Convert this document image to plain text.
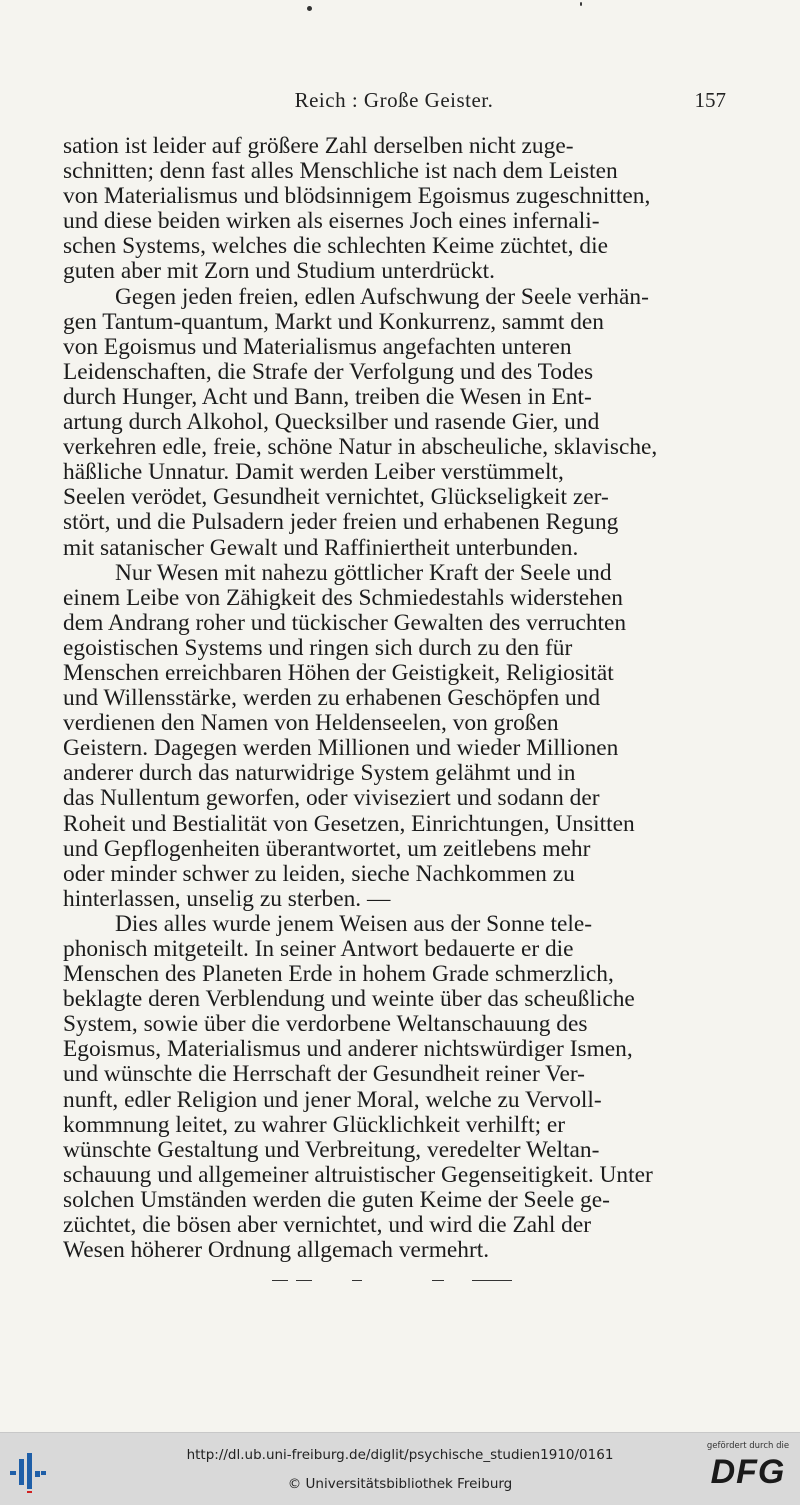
Reich : Große Geister.	157

sation ist leider auf größere Zahl derselben nicht zuge-
schnitten; denn fast alles Menschliche ist nach dem Leisten
von Materialismus und blödsinnigem Egoismus zugeschnitten,
und diese beiden wirken als eisernes Joch eines infernali-
schen Systems, welches die schlechten Keime züchtet, die
guten aber mit Zorn und Studium unterdrückt.

Gegen jeden freien, edlen Aufschwung der Seele verhän-
gen Tantum-quantum, Markt und Konkurrenz, sammt den
von Egoismus und Materialismus angefachten unteren
Leidenschaften, die Strafe der Verfolgung und des Todes
durch Hunger, Acht und Bann, treiben die Wesen in Ent-
artung durch Alkohol, Quecksilber und rasende Gier, und
verkehren edle, freie, schöne Natur in abscheuliche, sklavische,
häßliche Unnatur. Damit werden Leiber verstümmelt,
Seelen verödet, Gesundheit vernichtet, Glückseligkeit zer-
stört, und die Pulsadern jeder freien und erhabenen Regung
mit satanischer Gewalt und Raffiniertheit unterbunden.

Nur Wesen mit nahezu göttlicher Kraft der Seele und
einem Leibe von Zähigkeit des Schmiedestahls widerstehen
dem Andrang roher und tückischer Gewalten des verruchten
egoistischen Systems und ringen sich durch zu den für
Menschen erreichbaren Höhen der Geistigkeit, Religiosität
und Willensstärke, werden zu erhabenen Geschöpfen und
verdienen den Namen von Heldenseelen, von großen
Geistern. Dagegen werden Millionen und wieder Millionen
anderer durch das naturwidrige System gelähmt und in
das Nullentum geworfen, oder viviseziert und sodann der
Roheit und Bestialität von Gesetzen, Einrichtungen, Unsitten
und Gepflogenheiten überantwortet, um zeitlebens mehr
oder minder schwer zu leiden, sieche Nachkommen zu
hinterlassen, unselig zu sterben. —

Dies alles wurde jenem Weisen aus der Sonne tele-
phonisch mitgeteilt. In seiner Antwort bedauerte er die
Menschen des Planeten Erde in hohem Grade schmerzlich,
beklagte deren Verblendung und weinte über das scheußliche
System, sowie über die verdorbene Weltanschauung des
Egoismus, Materialismus und anderer nichtswürdiger Ismen,
und wünschte die Herrschaft der Gesundheit reiner Ver-
nunft, edler Religion und jener Moral, welche zu Vervoll-
kommnung leitet, zu wahrer Glücklichkeit verhilft; er
wünschte Gestaltung und Verbreitung, veredelter Weltan-
schauung und allgemeiner altruistischer Gegenseitigkeit. Unter
solchen Umständen werden die guten Keime der Seele ge-
züchtet, die bösen aber vernichtet, und wird die Zahl der
Wesen höherer Ordnung allgemach vermehrt.

http://dl.ub.uni-freiburg.de/diglit/psychische_studien1910/0161
© Universitätsbibliothek Freiburg
gefördert durch die
DFG
